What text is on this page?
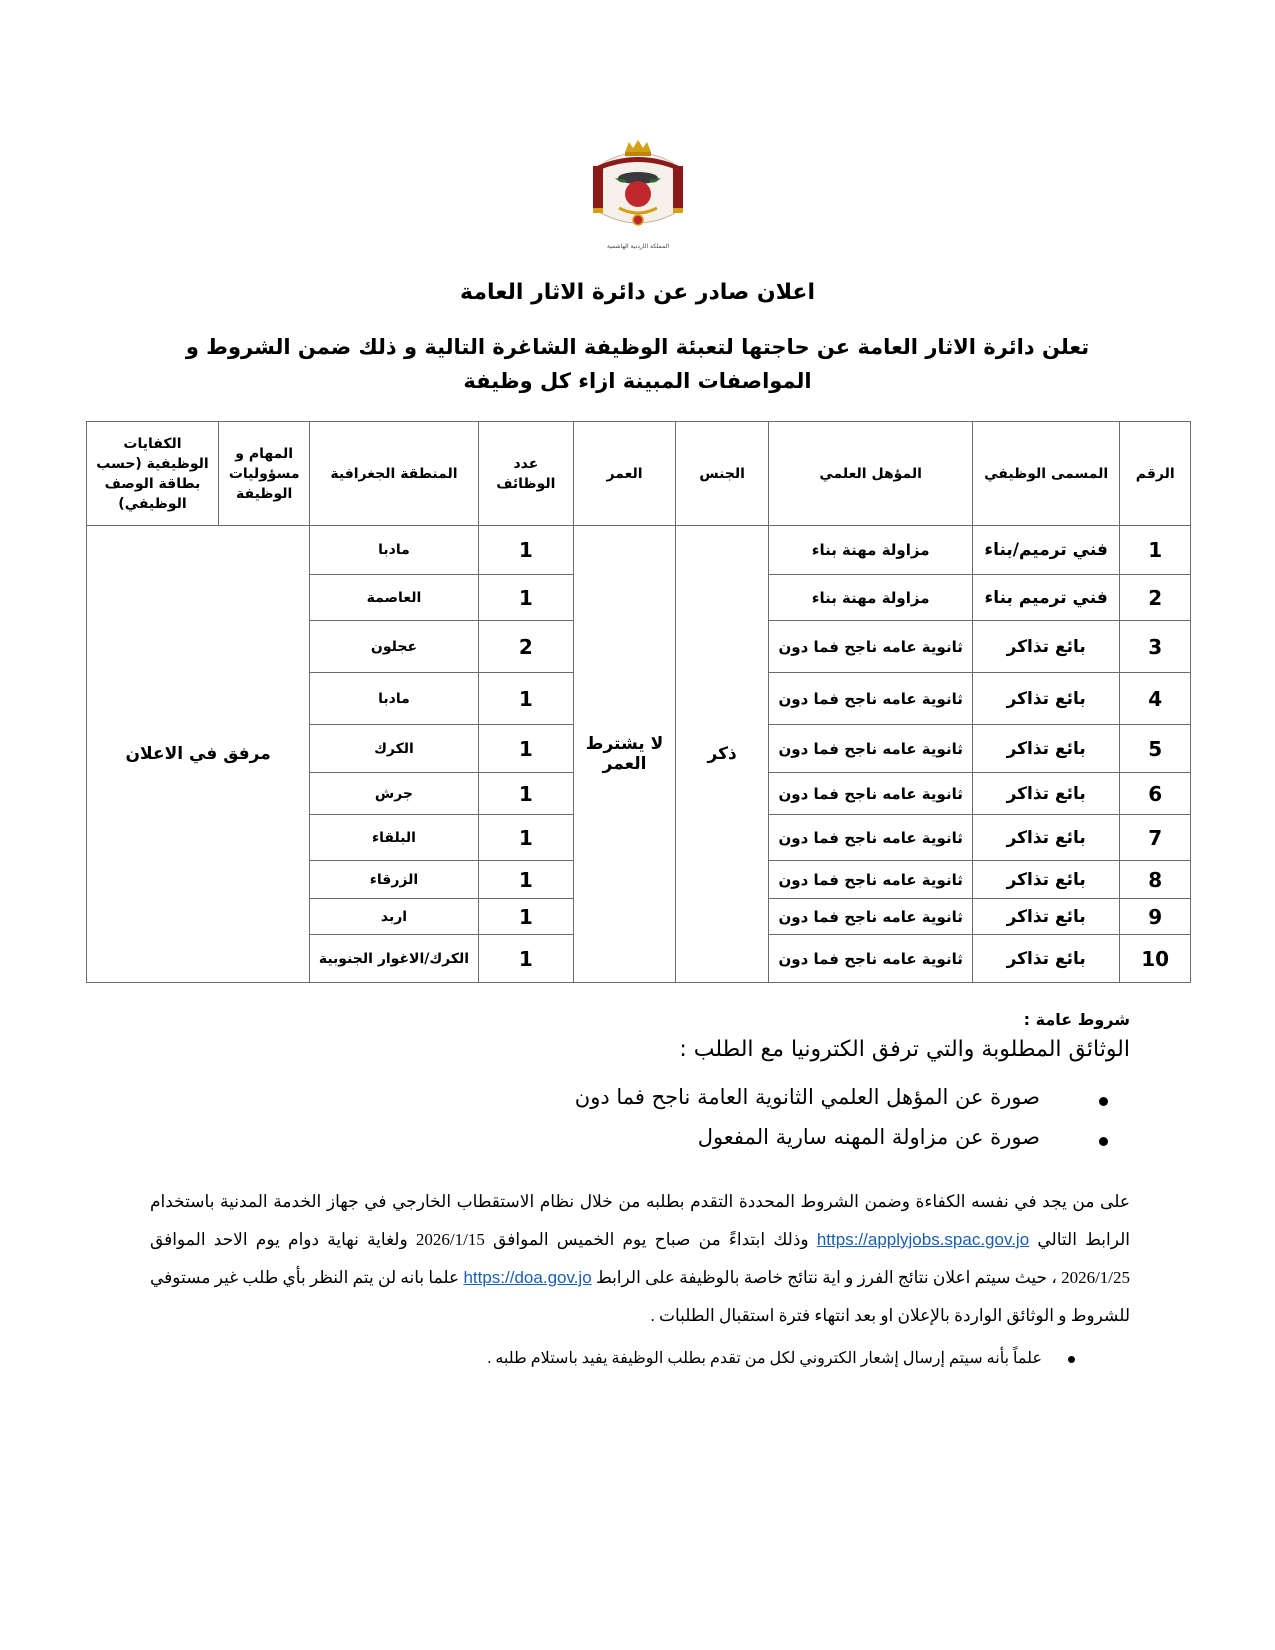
المملكة الأردنية الهاشمية
اعلان صادر عن دائرة الاثار العامة
تعلن دائرة الاثار العامة عن حاجتها لتعبئة الوظيفة الشاغرة التالية و ذلك ضمن الشروط و المواصفات المبينة ازاء كل وظيفة
الرقم	المسمى الوظيفي	المؤهل العلمي	الجنس	العمر	عدد الوظائف	المنطقة الجغرافية	المهام و مسؤوليات الوظيفة	الكفايات الوظيفية (حسب بطاقة الوصف الوظيفي)
1	فني ترميم/بناء	مزاولة مهنة بناء	ذكر	لا يشترط العمر	1	مادبا	مرفق في الاعلان	
2	فني ترميم بناء	مزاولة مهنة بناء			1	العاصمة		
3	بائع تذاكر	ثانوية عامه ناجح فما دون			2	عجلون		
4	بائع تذاكر	ثانوية عامه ناجح فما دون			1	مادبا		
5	بائع تذاكر	ثانوية عامه ناجح فما دون			1	الكرك		
6	بائع تذاكر	ثانوية عامه ناجح فما دون			1	جرش		
7	بائع تذاكر	ثانوية عامه ناجح فما دون			1	البلقاء		
8	بائع تذاكر	ثانوية عامه ناجح فما دون			1	الزرقاء		
9	بائع تذاكر	ثانوية عامه ناجح فما دون			1	اربد		
10	بائع تذاكر	ثانوية عامه ناجح فما دون			1	الكرك/الاغوار الجنوبية		
شروط عامة :
الوثائق المطلوبة والتي ترفق الكترونيا مع الطلب :
صورة عن المؤهل العلمي الثانوية العامة ناجح فما دون
صورة عن مزاولة المهنه سارية المفعول
على من يجد في نفسه الكفاءة وضمن الشروط المحددة التقدم بطلبه من خلال نظام الاستقطاب الخارجي في جهاز الخدمة المدنية باستخدام الرابط التالي https://applyjobs.spac.gov.jo وذلك ابتداءً من صباح يوم الخميس الموافق 2026/1/15 ولغاية نهاية دوام يوم الاحد الموافق 2026/1/25 ، حيث سيتم اعلان نتائج الفرز و اية نتائج خاصة بالوظيفة على الرابط https://doa.gov.jo علما بانه لن يتم النظر بأي طلب غير مستوفي للشروط و الوثائق الواردة بالإعلان او بعد انتهاء فترة استقبال الطلبات .
علماً بأنه سيتم إرسال إشعار الكتروني لكل من تقدم بطلب الوظيفة يفيد باستلام طلبه .
